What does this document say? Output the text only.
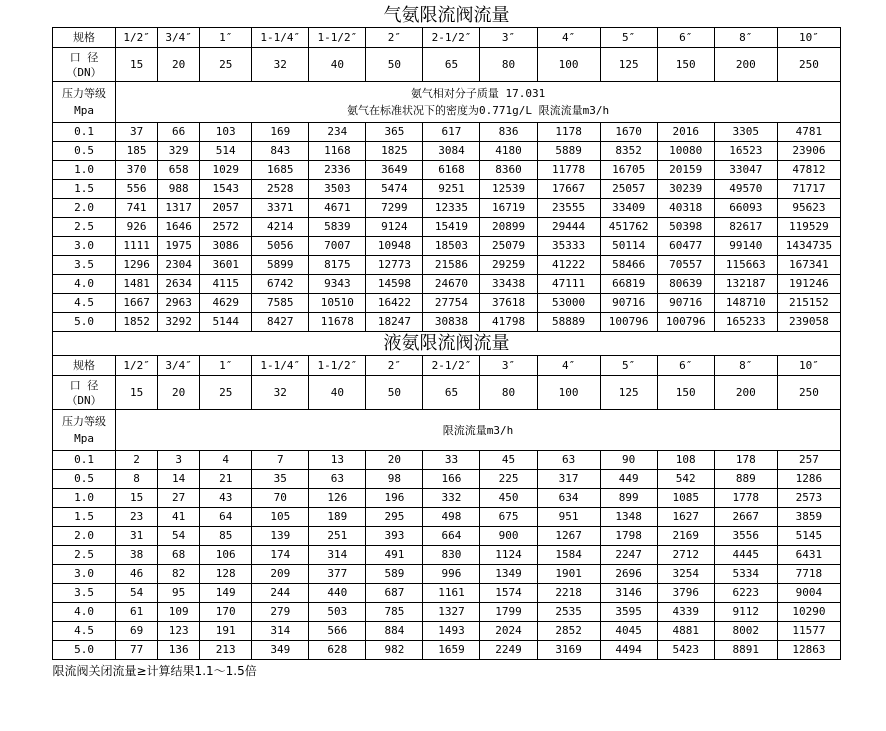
气氨限流阀流量													
规格	1/2″	3/4″	1″	1-1/4″	1-1/2″	2″	2-1/2″	3″	4″	5″	6″	8″	10″
口 径 （DN）	15	20	25	32	40	50	65	80	100	125	150	200	250
压力等级Mpa	氨气相对分子质量 17.031
氨气在标准状况下的密度为0.771g/L 限流流量m3/h												

0.1	37	66	103	169	234	365	617	836	1178	1670	2016	3305	4781
0.5	185	329	514	843	1168	1825	3084	4180	5889	8352	10080	16523	23906
1.0	370	658	1029	1685	2336	3649	6168	8360	11778	16705	20159	33047	47812
1.5	556	988	1543	2528	3503	5474	9251	12539	17667	25057	30239	49570	71717
2.0	741	1317	2057	3371	4671	7299	12335	16719	23555	33409	40318	66093	95623
2.5	926	1646	2572	4214	5839	9124	15419	20899	29444	451762	50398	82617	119529
3.0	1111	1975	3086	5056	7007	10948	18503	25079	35333	50114	60477	99140	1434735
3.5	1296	2304	3601	5899	8175	12773	21586	29259	41222	58466	70557	115663	167341
4.0	1481	2634	4115	6742	9343	14598	24670	33438	47111	66819	80639	132187	191246
4.5	1667	2963	4629	7585	10510	16422	27754	37618	53000	90716	90716	148710	215152
5.0	1852	3292	5144	8427	11678	18247	30838	41798	58889	100796	100796	165233	239058
液氨限流阀流量													
规格	1/2″	3/4″	1″	1-1/4″	1-1/2″	2″	2-1/2″	3″	4″	5″	6″	8″	10″
口 径 （DN）	15	20	25	32	40	50	65	80	100	125	150	200	250
压力等级Mpa	限流流量m3/h												
0.1	2	3	4	7	13	20	33	45	63	90	108	178	257
0.5	8	14	21	35	63	98	166	225	317	449	542	889	1286
1.0	15	27	43	70	126	196	332	450	634	899	1085	1778	2573
1.5	23	41	64	105	189	295	498	675	951	1348	1627	2667	3859
2.0	31	54	85	139	251	393	664	900	1267	1798	2169	3556	5145
2.5	38	68	106	174	314	491	830	1124	1584	2247	2712	4445	6431
3.0	46	82	128	209	377	589	996	1349	1901	2696	3254	5334	7718
3.5	54	95	149	244	440	687	1161	1574	2218	3146	3796	6223	9004
4.0	61	109	170	279	503	785	1327	1799	2535	3595	4339	9112	10290
4.5	69	123	191	314	566	884	1493	2024	2852	4045	4881	8002	11577
5.0	77	136	213	349	628	982	1659	2249	3169	4494	5423	8891	12863
限流阀关闭流量≥计算结果1.1～1.5倍													
